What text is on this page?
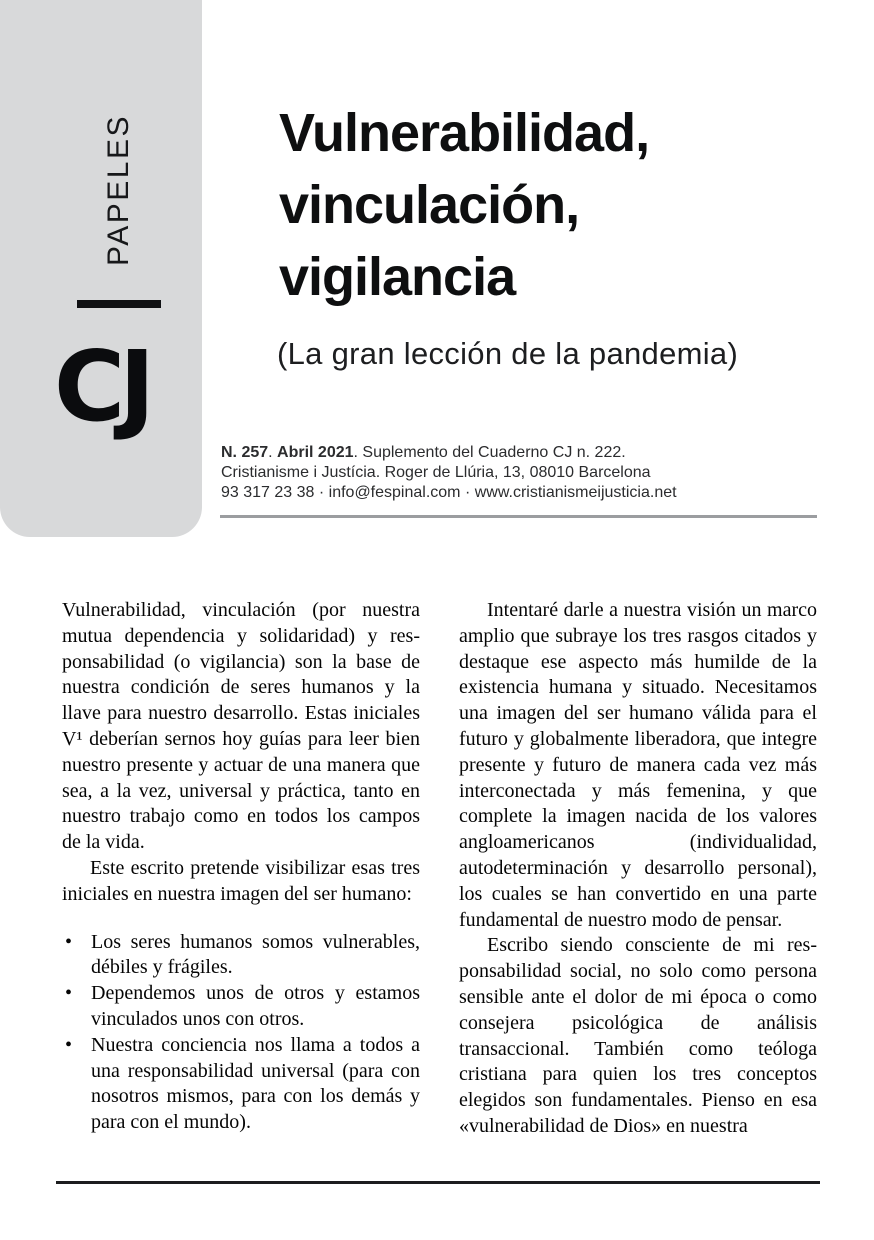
PAPELES
CJ
Vulnerabilidad,
vinculación,
vigilancia
(La gran lección de la pandemia)
N. 257. Abril 2021. Suplemento del Cuaderno CJ n. 222.
Cristianisme i Justícia. Roger de Llúria, 13, 08010 Barcelona
93 317 23 38 · info@fespinal.com · www.cristianismeijusticia.net

Vulnerabilidad, vinculación (por nuestra mutua dependencia y solidaridad) y responsabilidad (o vigilancia) son la base de nuestra condición de seres humanos y la llave para nuestro desarrollo. Estas iniciales V¹ deberían sernos hoy guías para leer bien nuestro presente y actuar de una manera que sea, a la vez, universal y práctica, tanto en nuestro trabajo como en todos los campos de la vida.

Este escrito pretende visibilizar esas tres iniciales en nuestra imagen del ser humano:

• Los seres humanos somos vulnerables, débiles y frágiles.
• Dependemos unos de otros y estamos vinculados unos con otros.
• Nuestra conciencia nos llama a todos a una responsabilidad universal (para con nosotros mismos, para con los demás y para con el mundo).

Intentaré darle a nuestra visión un marco amplio que subraye los tres rasgos citados y destaque ese aspecto más humilde de la existencia humana y situado. Necesitamos una imagen del ser humano válida para el futuro y globalmente liberadora, que integre presente y futuro de manera cada vez más interconectada y más femenina, y que complete la imagen nacida de los valores angloamericanos (individualidad, autodeterminación y desarrollo personal), los cuales se han convertido en una parte fundamental de nuestro modo de pensar.

Escribo siendo consciente de mi responsabilidad social, no solo como persona sensible ante el dolor de mi época o como consejera psicológica de análisis transaccional. También como teóloga cristiana para quien los tres conceptos elegidos son fundamentales. Pienso en esa «vulnerabilidad de Dios» en nuestra
